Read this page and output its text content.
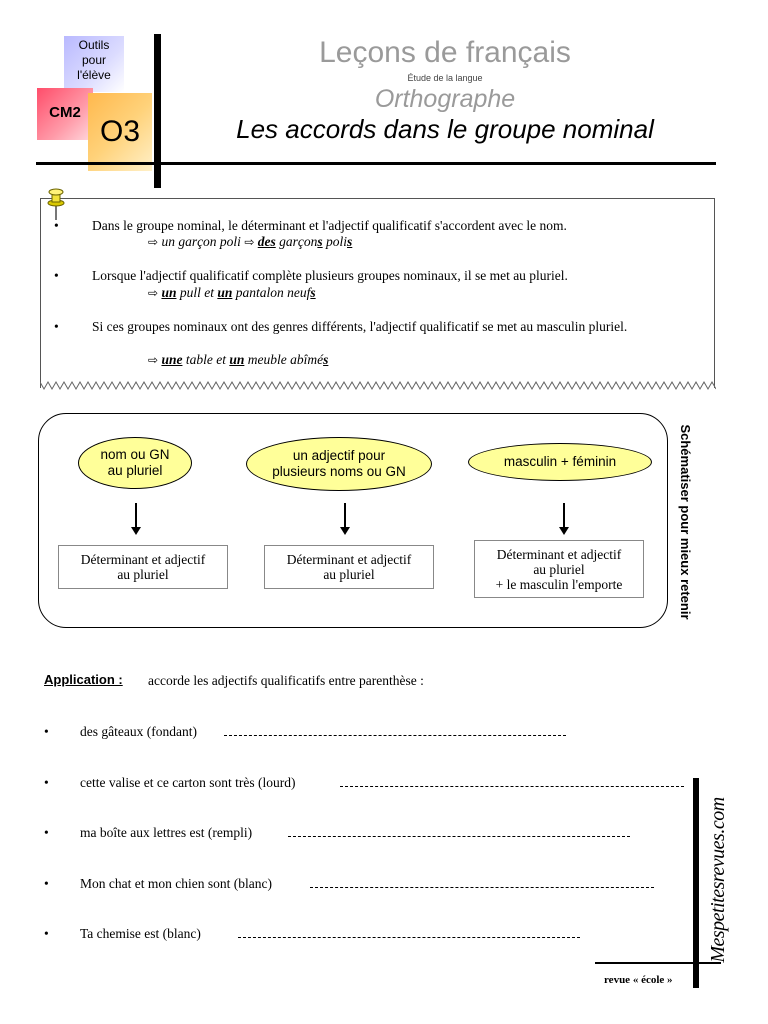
Outils
pour
l'élève
CM2
O3
Leçons de français
Étude de la langue
Orthographe
Les accords dans le groupe nominal
• Dans le groupe nominal, le déterminant et l'adjectif qualificatif s'accordent avec le nom.
⇨ un garçon poli ⇨ des garçons polis
• Lorsque l'adjectif qualificatif complète plusieurs groupes nominaux, il se met au pluriel.
⇨ un pull et un pantalon neufs
• Si ces groupes nominaux ont des genres différents, l'adjectif qualificatif se met au masculin pluriel.
⇨ une table et un meuble abîmés
Schématiser pour mieux retenir
nom ou GN
au pluriel
un adjectif pour
plusieurs noms ou GN
masculin + féminin
Déterminant et adjectif
au pluriel
Déterminant et adjectif
au pluriel
Déterminant et adjectif
au pluriel
+ le masculin l'emporte
Application : accorde les adjectifs qualificatifs entre parenthèse :
• des gâteaux (fondant)
• cette valise et ce carton sont très (lourd)
• ma boîte aux lettres est (rempli)
• Mon chat et mon chien sont (blanc)
• Ta chemise est (blanc)	Mespetitesrevues.com
revue « école »
